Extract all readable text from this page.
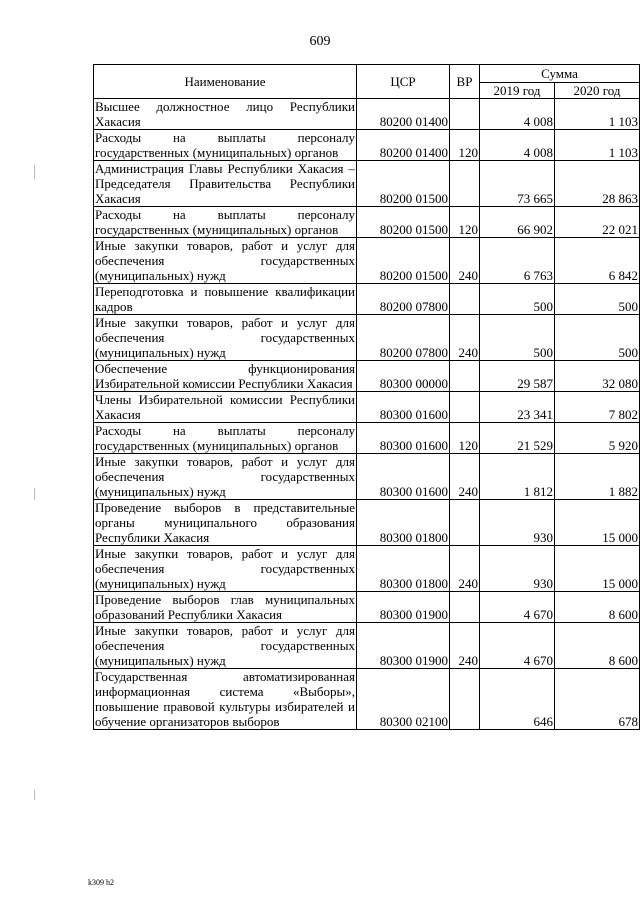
609
Наименование	ЦСР	ВР	Сумма	
			2019 год	2020 год
Высшее должностное лицо Республики Хакасия	80200 01400		4 008	1 103
Расходы на выплаты персоналу государственных (муниципальных) органов	80200 01400	120	4 008	1 103
Администрация Главы Республики Хакасия – Председателя Правительства Республики Хакасия	80200 01500		73 665	28 863
Расходы на выплаты персоналу государственных (муниципальных) органов	80200 01500	120	66 902	22 021
Иные закупки товаров, работ и услуг для обеспечения государственных (муниципальных) нужд	80200 01500	240	6 763	6 842
Переподготовка и повышение квалификации кадров	80200 07800		500	500
Иные закупки товаров, работ и услуг для обеспечения государственных (муниципальных) нужд	80200 07800	240	500	500
Обеспечение функционирования Избирательной комиссии Республики Хакасия	80300 00000		29 587	32 080
Члены Избирательной комиссии Республики Хакасия	80300 01600		23 341	7 802
Расходы на выплаты персоналу государственных (муниципальных) органов	80300 01600	120	21 529	5 920
Иные закупки товаров, работ и услуг для обеспечения государственных (муниципальных) нужд	80300 01600	240	1 812	1 882
Проведение выборов в представительные органы муниципального образования Республики Хакасия	80300 01800		930	15 000
Иные закупки товаров, работ и услуг для обеспечения государственных (муниципальных) нужд	80300 01800	240	930	15 000
Проведение выборов глав муниципальных образований Республики Хакасия	80300 01900		4 670	8 600
Иные закупки товаров, работ и услуг для обеспечения государственных (муниципальных) нужд	80300 01900	240	4 670	8 600
Государственная автоматизированная информационная система «Выборы», повышение правовой культуры избирателей и обучение организаторов выборов	80300 02100		646	678
k309 h2
